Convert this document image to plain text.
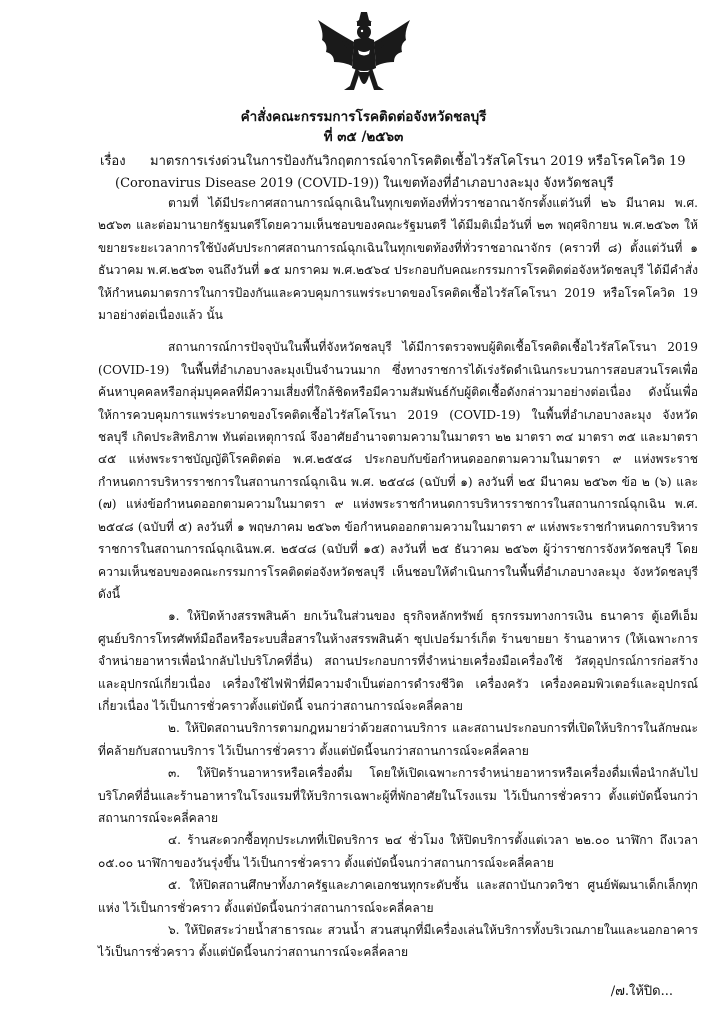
คำสั่งคณะกรรมการโรคติดต่อจังหวัดชลบุรี
ที่ ๓๕ /๒๕๖๓
เรื่อง มาตรการเร่งด่วนในการป้องกันวิกฤตการณ์จากโรคติดเชื้อไวรัสโคโรนา 2019 หรือโรคโควิด 19
(Coronavirus Disease 2019 (COVID-19)) ในเขตท้องที่อำเภอบางละมุง จังหวัดชลบุรี

ตามที่ ได้มีประกาศสถานการณ์ฉุกเฉินในทุกเขตท้องที่ทั่วราชอาณาจักรตั้งแต่วันที่ ๒๖ มีนาคม พ.ศ. ๒๕๖๓ และต่อมานายกรัฐมนตรีโดยความเห็นชอบของคณะรัฐมนตรี ได้มีมติเมื่อวันที่ ๒๓ พฤศจิกายน พ.ศ.๒๕๖๓ ให้ขยายระยะเวลาการใช้บังคับประกาศสถานการณ์ฉุกเฉินในทุกเขตท้องที่ทั่วราชอาณาจักร (คราวที่ ๘) ตั้งแต่วันที่ ๑ ธันวาคม พ.ศ.๒๕๖๓ จนถึงวันที่ ๑๕ มกราคม พ.ศ.๒๕๖๔ ประกอบกับคณะกรรมการโรคติดต่อจังหวัดชลบุรี ได้มีคำสั่งให้กำหนดมาตรการในการป้องกันและควบคุมการแพร่ระบาดของโรคติดเชื้อไวรัสโคโรนา 2019 หรือโรคโควิด 19 มาอย่างต่อเนื่องแล้ว นั้น

สถานการณ์การปัจจุบันในพื้นที่จังหวัดชลบุรี ได้มีการตรวจพบผู้ติดเชื้อโรคติดเชื้อไวรัสโคโรนา 2019 (COVID-19) ในพื้นที่อำเภอบางละมุงเป็นจำนวนมาก ซึ่งทางราชการได้เร่งรัดดำเนินกระบวนการสอบสวนโรคเพื่อค้นหาบุคคลหรือกลุ่มบุคคลที่มีความเสี่ยงที่ใกล้ชิดหรือมีความสัมพันธ์กับผู้ติดเชื้อดังกล่าวมาอย่างต่อเนื่อง ดังนั้นเพื่อให้การควบคุมการแพร่ระบาดของโรคติดเชื้อไวรัสโคโรนา 2019 (COVID-19) ในพื้นที่อำเภอบางละมุง จังหวัดชลบุรี เกิดประสิทธิภาพ ทันต่อเหตุการณ์ จึงอาศัยอำนาจตามความในมาตรา ๒๒ มาตรา ๓๔ มาตรา ๓๕ และมาตรา ๔๕ แห่งพระราชบัญญัติโรคติดต่อ พ.ศ.๒๕๕๘ ประกอบกับข้อกำหนดออกตามความในมาตรา ๙ แห่งพระราชกำหนดการบริหารราชการในสถานการณ์ฉุกเฉิน พ.ศ. ๒๕๔๘ (ฉบับที่ ๑) ลงวันที่ ๒๕ มีนาคม ๒๕๖๓ ข้อ ๒ (๖) และ (๗) แห่งข้อกำหนดออกตามความในมาตรา ๙ แห่งพระราชกำหนดการบริหารราชการในสถานการณ์ฉุกเฉิน พ.ศ. ๒๕๔๘ (ฉบับที่ ๕) ลงวันที่ ๑ พฤษภาคม ๒๕๖๓ ข้อกำหนดออกตามความในมาตรา ๙ แห่งพระราชกำหนดการบริหารราชการในสถานการณ์ฉุกเฉินพ.ศ. ๒๕๔๘ (ฉบับที่ ๑๕) ลงวันที่ ๒๕ ธันวาคม ๒๕๖๓ ผู้ว่าราชการจังหวัดชลบุรี โดยความเห็นชอบของคณะกรรมการโรคติดต่อจังหวัดชลบุรี เห็นชอบให้ดำเนินการในพื้นที่อำเภอบางละมุง จังหวัดชลบุรี ดังนี้

๑. ให้ปิดห้างสรรพสินค้า ยกเว้นในส่วนของ ธุรกิจหลักทรัพย์ ธุรกรรมทางการเงิน ธนาคาร ตู้เอทีเอ็ม ศูนย์บริการโทรศัพท์มือถือหรือระบบสื่อสารในห้างสรรพสินค้า ซุปเปอร์มาร์เก็ต ร้านขายยา ร้านอาหาร (ให้เฉพาะการจำหน่ายอาหารเพื่อนำกลับไปบริโภคที่อื่น) สถานประกอบการที่จำหน่ายเครื่องมือเครื่องใช้ วัสดุอุปกรณ์การก่อสร้างและอุปกรณ์เกี่ยวเนื่อง เครื่องใช้ไฟฟ้าที่มีความจำเป็นต่อการดำรงชีวิต เครื่องครัว เครื่องคอมพิวเตอร์และอุปกรณ์เกี่ยวเนื่อง ไว้เป็นการชั่วคราวตั้งแต่บัดนี้ จนกว่าสถานการณ์จะคลี่คลาย

๒. ให้ปิดสถานบริการตามกฎหมายว่าด้วยสถานบริการ และสถานประกอบการที่เปิดให้บริการในลักษณะที่คล้ายกับสถานบริการ ไว้เป็นการชั่วคราว ตั้งแต่บัดนี้จนกว่าสถานการณ์จะคลี่คลาย

๓. ให้ปิดร้านอาหารหรือเครื่องดื่ม โดยให้เปิดเฉพาะการจำหน่ายอาหารหรือเครื่องดื่มเพื่อนำกลับไปบริโภคที่อื่นและร้านอาหารในโรงแรมที่ให้บริการเฉพาะผู้ที่พักอาศัยในโรงแรม ไว้เป็นการชั่วคราว ตั้งแต่บัดนี้จนกว่าสถานการณ์จะคลี่คลาย

๔. ร้านสะดวกซื้อทุกประเภทที่เปิดบริการ ๒๔ ชั่วโมง ให้ปิดบริการตั้งแต่เวลา ๒๒.๐๐ นาฬิกา ถึงเวลา ๐๕.๐๐ นาฬิกาของวันรุ่งขึ้น ไว้เป็นการชั่วคราว ตั้งแต่บัดนี้จนกว่าสถานการณ์จะคลี่คลาย

๕. ให้ปิดสถานศึกษาทั้งภาครัฐและภาคเอกชนทุกระดับชั้น และสถาบันกวดวิชา ศูนย์พัฒนาเด็กเล็กทุกแห่ง ไว้เป็นการชั่วคราว ตั้งแต่บัดนี้จนกว่าสถานการณ์จะคลี่คลาย

๖. ให้ปิดสระว่ายน้ำสาธารณะ สวนน้ำ สวนสนุกที่มีเครื่องเล่นให้บริการทั้งบริเวณภายในและนอกอาคาร ไว้เป็นการชั่วคราว ตั้งแต่บัดนี้จนกว่าสถานการณ์จะคลี่คลาย

/๗.ให้ปิด...
